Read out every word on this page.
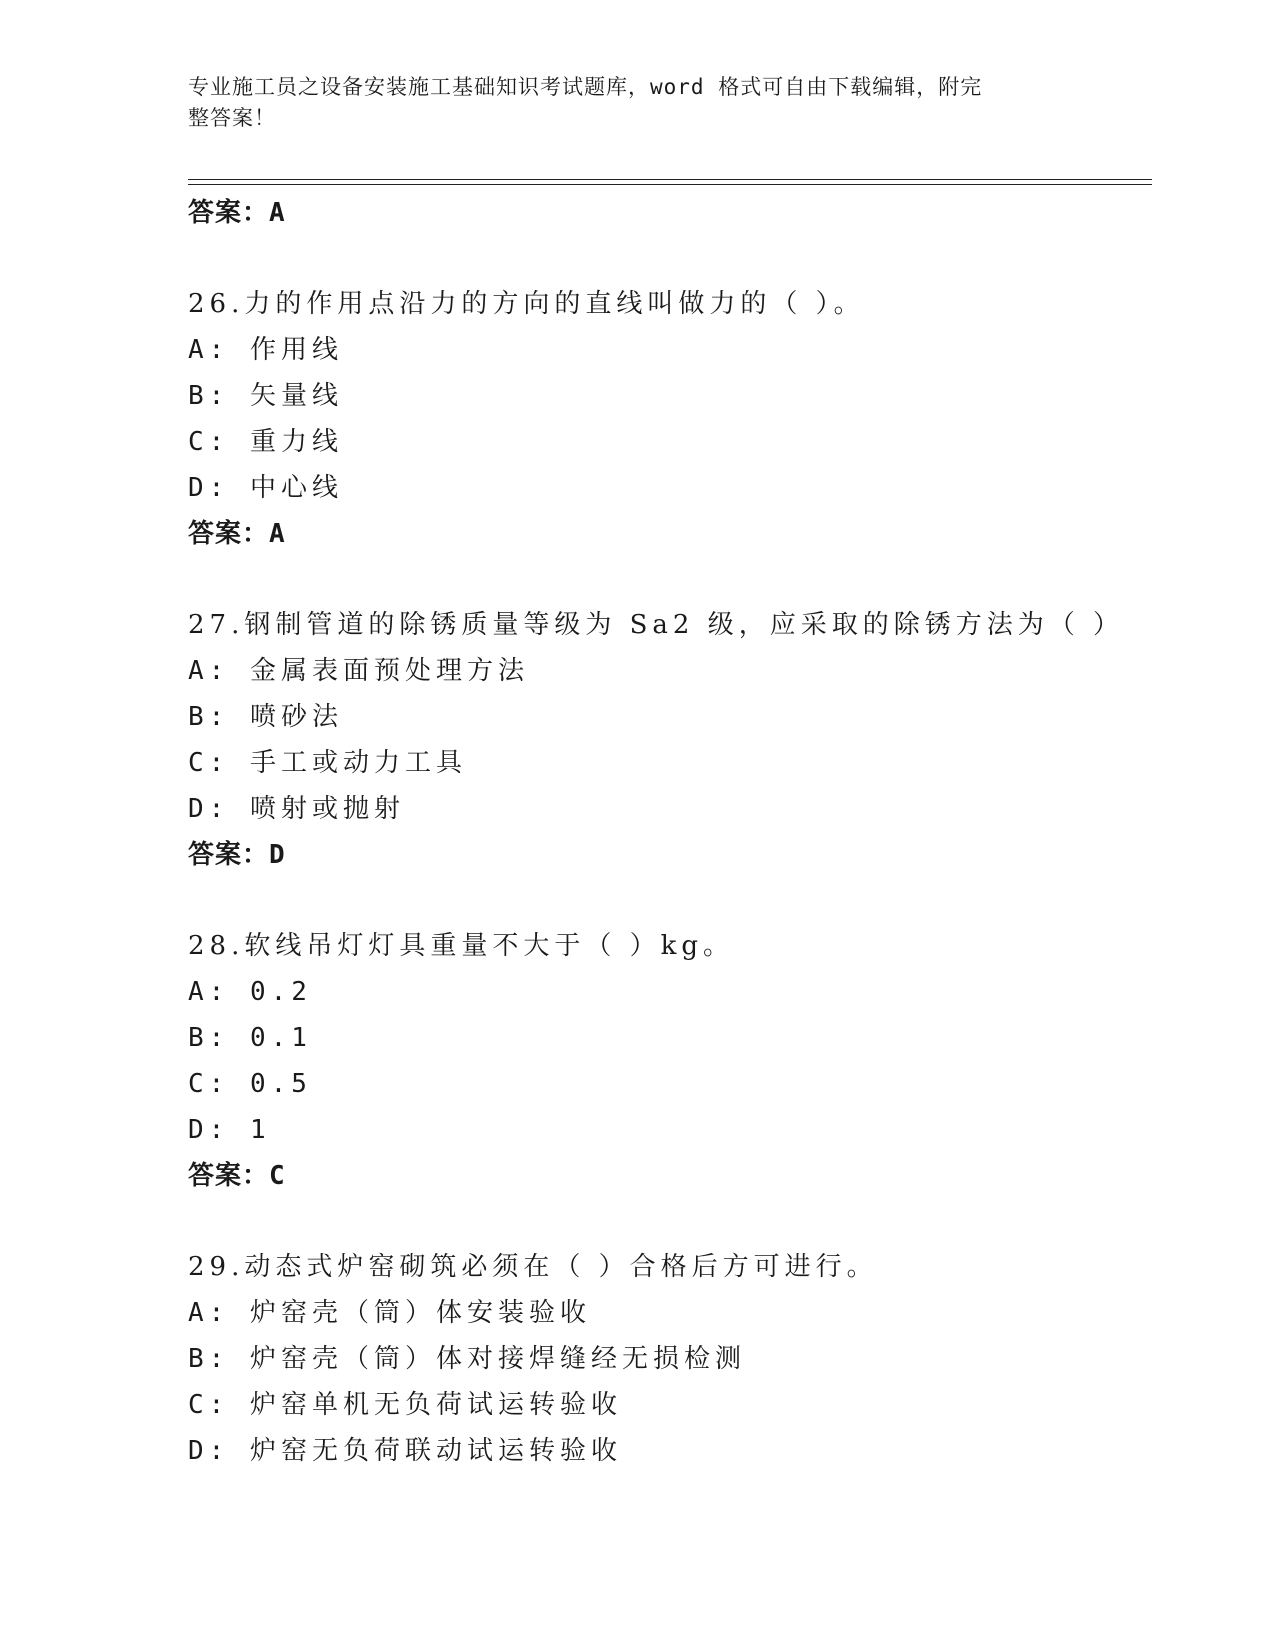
专业施工员之设备安装施工基础知识考试题库，word 格式可自由下载编辑，附完
整答案！
答案：A
26.力的作用点沿力的方向的直线叫做力的（ ）。
A: 作用线
B: 矢量线
C: 重力线
D: 中心线
答案：A
27.钢制管道的除锈质量等级为 Sa2 级，应采取的除锈方法为（ ）
A: 金属表面预处理方法
B: 喷砂法
C: 手工或动力工具
D: 喷射或抛射
答案：D
28.软线吊灯灯具重量不大于（ ）kg。
A: 0.2
B: 0.1
C: 0.5
D: 1
答案：C
29.动态式炉窑砌筑必须在（ ）合格后方可进行。
A: 炉窑壳（筒）体安装验收
B: 炉窑壳（筒）体对接焊缝经无损检测
C: 炉窑单机无负荷试运转验收
D: 炉窑无负荷联动试运转验收
